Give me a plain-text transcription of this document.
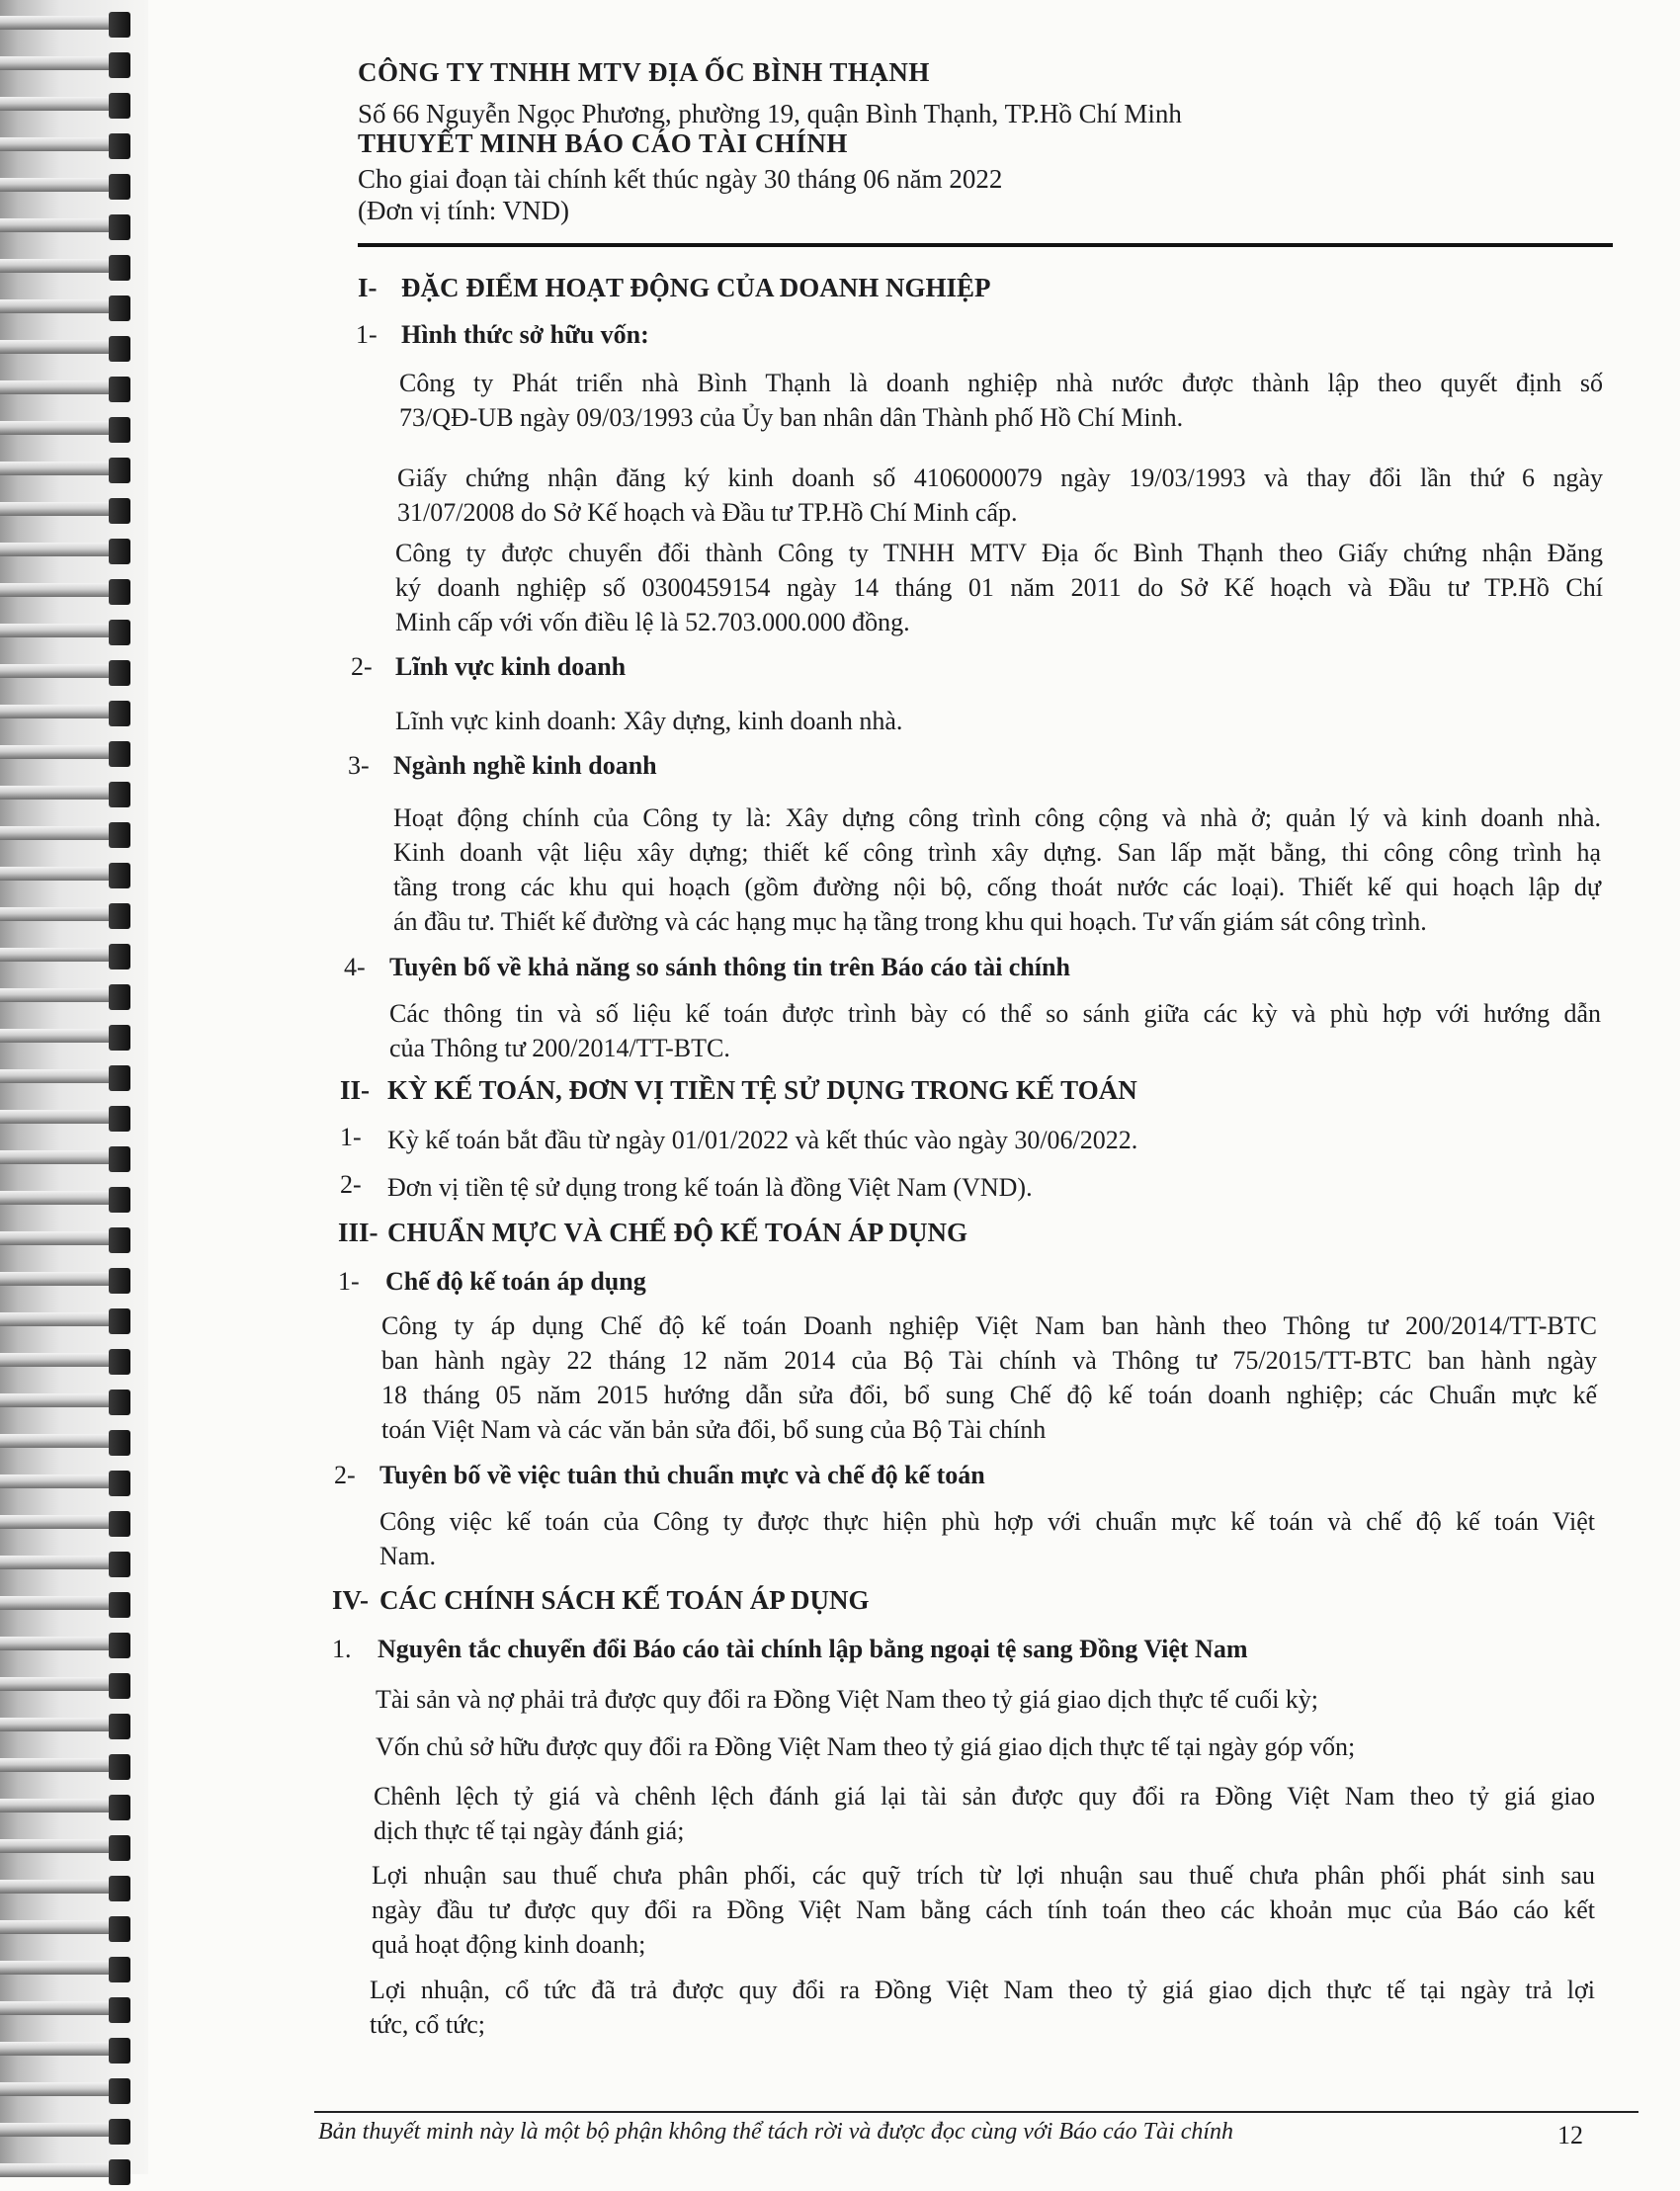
CÔNG TY TNHH MTV ĐỊA ỐC BÌNH THẠNH
Số 66 Nguyễn Ngọc Phương, phường 19, quận Bình Thạnh, TP.Hồ Chí Minh
THUYẾT MINH BÁO CÁO TÀI CHÍNH
Cho giai đoạn tài chính kết thúc ngày 30 tháng 06 năm 2022
(Đơn vị tính: VND)
I- ĐẶC ĐIỂM HOẠT ĐỘNG CỦA DOANH NGHIỆP
1- Hình thức sở hữu vốn:

Công ty Phát triển nhà Bình Thạnh là doanh nghiệp nhà nước được thành lập theo quyết định số

73/QĐ-UB ngày 09/03/1993 của Ủy ban nhân dân Thành phố Hồ Chí Minh.

Giấy chứng nhận đăng ký kinh doanh số 4106000079 ngày 19/03/1993 và thay đổi lần thứ 6 ngày

31/07/2008 do Sở Kế hoạch và Đầu tư TP.Hồ Chí Minh cấp.

Công ty được chuyển đổi thành Công ty TNHH MTV Địa ốc Bình Thạnh theo Giấy chứng nhận Đăng

ký doanh nghiệp số 0300459154 ngày 14 tháng 01 năm 2011 do Sở Kế hoạch và Đầu tư TP.Hồ Chí

Minh cấp với vốn điều lệ là 52.703.000.000 đồng.

2- Lĩnh vực kinh doanh
Lĩnh vực kinh doanh: Xây dựng, kinh doanh nhà.
3- Ngành nghề kinh doanh

Hoạt động chính của Công ty là: Xây dựng công trình công cộng và nhà ở; quản lý và kinh doanh nhà.

Kinh doanh vật liệu xây dựng; thiết kế công trình xây dựng. San lấp mặt bằng, thi công công trình hạ

tầng trong các khu qui hoạch (gồm đường nội bộ, cống thoát nước các loại). Thiết kế qui hoạch lập dự

án đầu tư. Thiết kế đường và các hạng mục hạ tầng trong khu qui hoạch. Tư vấn giám sát công trình.

4- Tuyên bố về khả năng so sánh thông tin trên Báo cáo tài chính

Các thông tin và số liệu kế toán được trình bày có thể so sánh giữa các kỳ và phù hợp với hướng dẫn

của Thông tư 200/2014/TT-BTC.

II- KỲ KẾ TOÁN, ĐƠN VỊ TIỀN TỆ SỬ DỤNG TRONG KẾ TOÁN
1- Kỳ kế toán bắt đầu từ ngày 01/01/2022 và kết thúc vào ngày 30/06/2022.
2- Đơn vị tiền tệ sử dụng trong kế toán là đồng Việt Nam (VND).
III- CHUẨN MỰC VÀ CHẾ ĐỘ KẾ TOÁN ÁP DỤNG
1- Chế độ kế toán áp dụng

Công ty áp dụng Chế độ kế toán Doanh nghiệp Việt Nam ban hành theo Thông tư 200/2014/TT-BTC

ban hành ngày 22 tháng 12 năm 2014 của Bộ Tài chính và Thông tư 75/2015/TT-BTC ban hành ngày

18 tháng 05 năm 2015 hướng dẫn sửa đổi, bổ sung Chế độ kế toán doanh nghiệp; các Chuẩn mực kế

toán Việt Nam và các văn bản sửa đổi, bổ sung của Bộ Tài chính

2- Tuyên bố về việc tuân thủ chuẩn mực và chế độ kế toán

Công việc kế toán của Công ty được thực hiện phù hợp với chuẩn mực kế toán và chế độ kế toán Việt

Nam.

IV- CÁC CHÍNH SÁCH KẾ TOÁN ÁP DỤNG
1. Nguyên tắc chuyển đổi Báo cáo tài chính lập bằng ngoại tệ sang Đồng Việt Nam
Tài sản và nợ phải trả được quy đổi ra Đồng Việt Nam theo tỷ giá giao dịch thực tế cuối kỳ;
Vốn chủ sở hữu được quy đổi ra Đồng Việt Nam theo tỷ giá giao dịch thực tế tại ngày góp vốn;

Chênh lệch tỷ giá và chênh lệch đánh giá lại tài sản được quy đổi ra Đồng Việt Nam theo tỷ giá giao

dịch thực tế tại ngày đánh giá;

Lợi nhuận sau thuế chưa phân phối, các quỹ trích từ lợi nhuận sau thuế chưa phân phối phát sinh sau

ngày đầu tư được quy đổi ra Đồng Việt Nam bằng cách tính toán theo các khoản mục của Báo cáo kết

quả hoạt động kinh doanh;

Lợi nhuận, cổ tức đã trả được quy đổi ra Đồng Việt Nam theo tỷ giá giao dịch thực tế tại ngày trả lợi

tức, cổ tức;

Bản thuyết minh này là một bộ phận không thể tách rời và được đọc cùng với Báo cáo Tài chính	12
